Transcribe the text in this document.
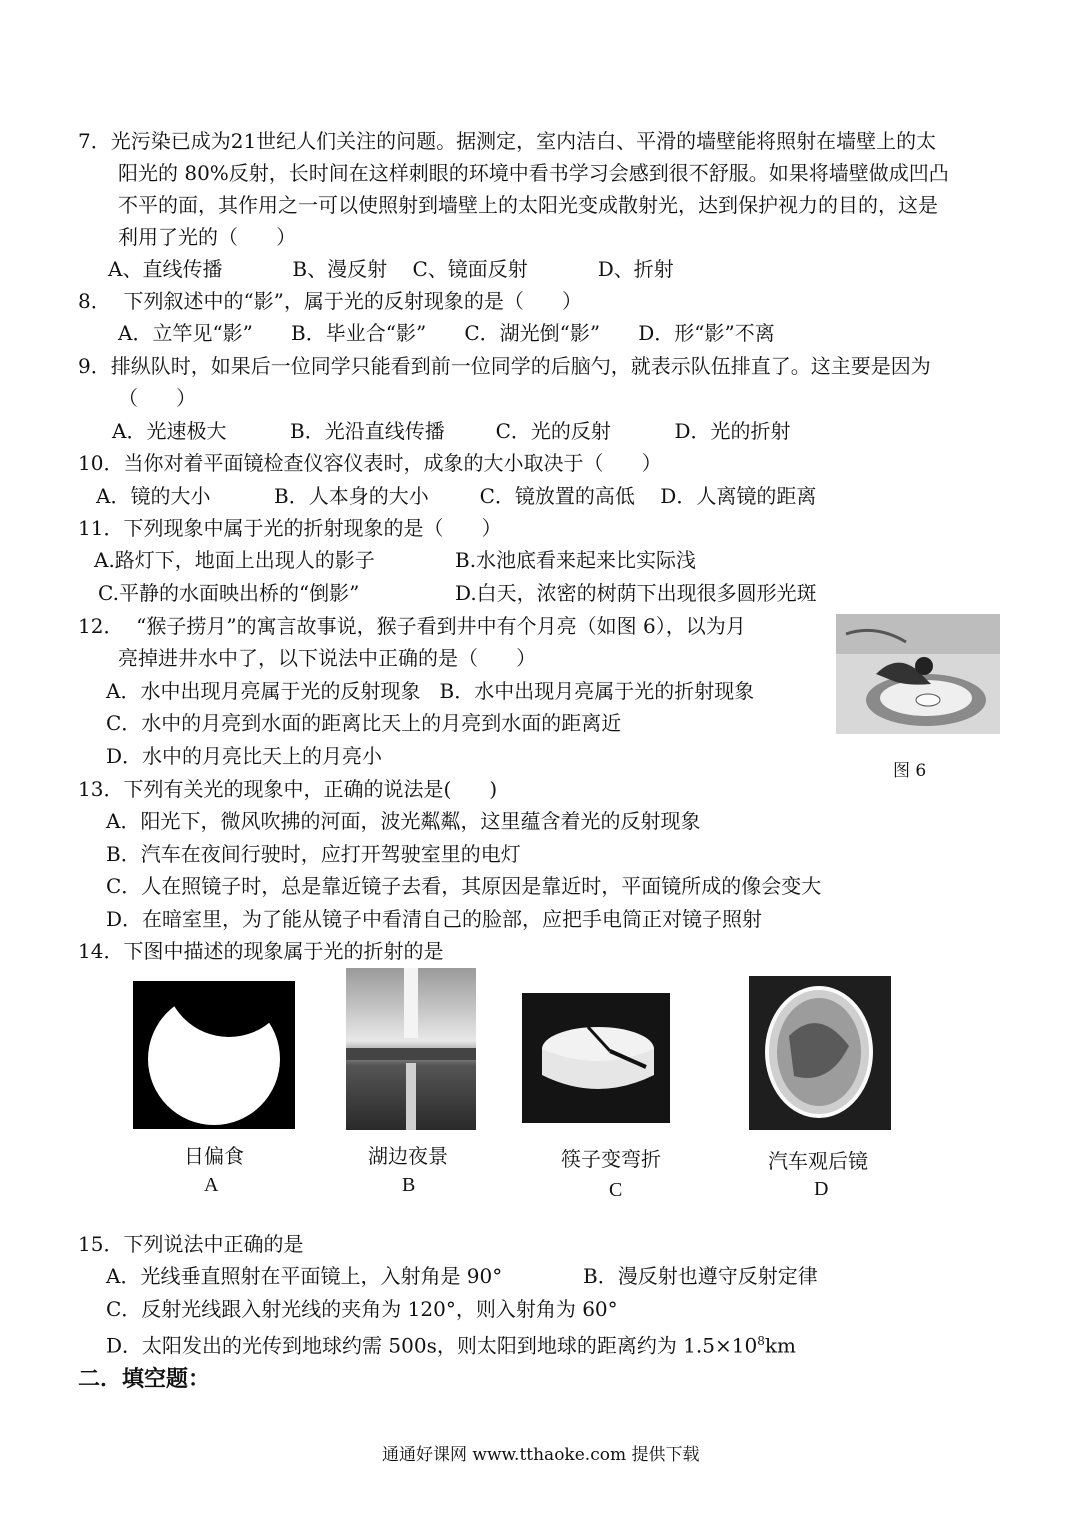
7．光污染已成为21世纪人们关注的问题。据测定，室内洁白、平滑的墙壁能将照射在墙壁上的太
阳光的 80%反射，长时间在这样刺眼的环境中看书学习会感到很不舒服。如果将墙壁做成凹凸
不平的面，其作用之一可以使照射到墙壁上的太阳光变成散射光，达到保护视力的目的，这是
利用了光的（      ）
A、直线传播           B、漫反射    C、镜面反射           D、折射
8．  下列叙述中的“影”，属于光的反射现象的是（      ）
A．立竿见“影”      B．毕业合“影”      C．湖光倒“影”      D．形“影”不离
9．排纵队时，如果后一位同学只能看到前一位同学的后脑勺，就表示队伍排直了。这主要是因为
（      ）
A．光速极大          B．光沿直线传播        C．光的反射          D．光的折射
10．当你对着平面镜检查仪容仪表时，成象的大小取决于（      ）
A．镜的大小          B．人本身的大小        C．镜放置的高低    D．人离镜的距离
11．下列现象中属于光的折射现象的是（      ）
A.路灯下，地面上出现人的影子	B.水池底看来起来比实际浅
C.平静的水面映出桥的“倒影”	D.白天，浓密的树荫下出现很多圆形光斑
12．  “猴子捞月”的寓言故事说，猴子看到井中有个月亮（如图 6），以为月
亮掉进井水中了，以下说法中正确的是（      ）
A．水中出现月亮属于光的反射现象   B．水中出现月亮属于光的折射现象
C．水中的月亮到水面的距离比天上的月亮到水面的距离近
D．水中的月亮比天上的月亮小
图 6
13．下列有关光的现象中，正确的说法是(      )
A．阳光下，微风吹拂的河面，波光粼粼，这里蕴含着光的反射现象
B．汽车在夜间行驶时，应打开驾驶室里的电灯
C．人在照镜子时，总是靠近镜子去看，其原因是靠近时，平面镜所成的像会变大
D．在暗室里，为了能从镜子中看清自己的脸部，应把手电筒正对镜子照射
14．下图中描述的现象属于光的折射的是
日偏食
A
湖边夜景
B
筷子变弯折
C
汽车观后镜
D
15．下列说法中正确的是
A．光线垂直照射在平面镜上，入射角是 90°	B．漫反射也遵守反射定律
C．反射光线跟入射光线的夹角为 120°，则入射角为 60°
D．太阳发出的光传到地球约需 500s，则太阳到地球的距离约为 $1.5\times 10^8km$
二．填空题：
通通好课网 www.tthaoke.com 提供下载
